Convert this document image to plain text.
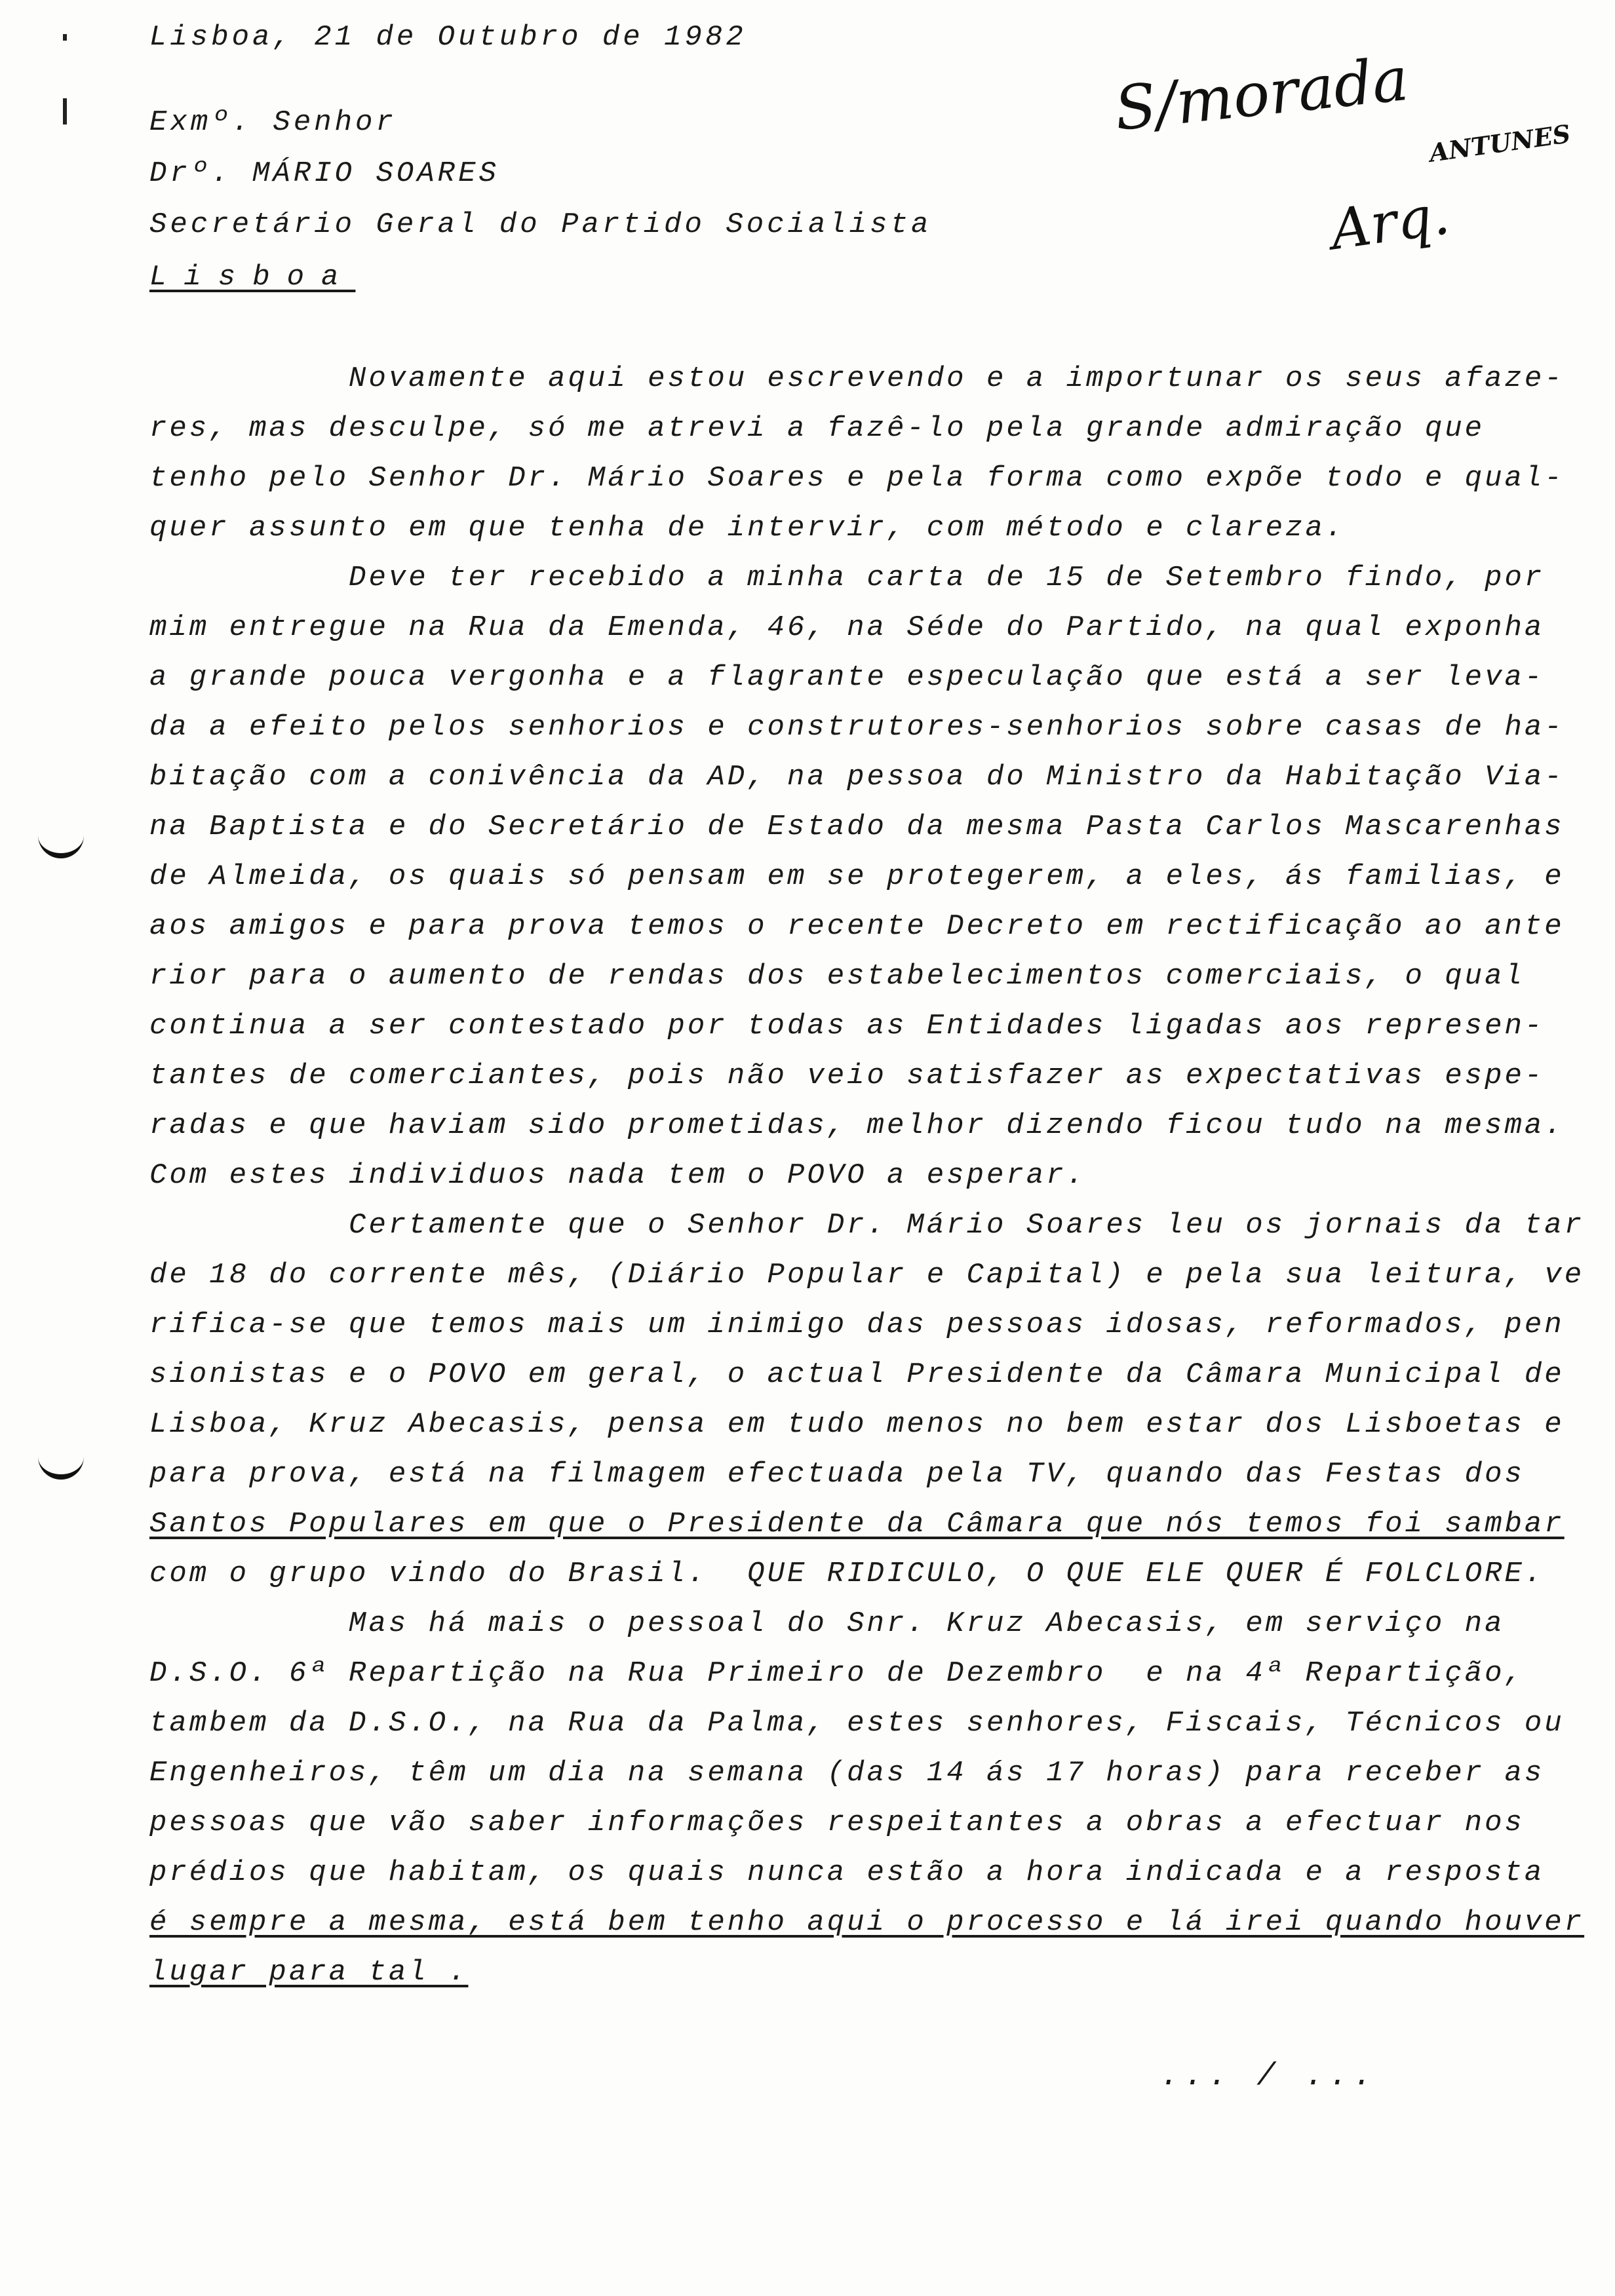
Lisboa, 21 de Outubro de 1982
Exmº. Senhor
Drº. MÁRIO SOARES
Secretário Geral do Partido Socialista
Lisboa
S/morada ANTUNES
Arq.
Novamente aqui estou escrevendo e a importunar os seus afaze-
res, mas desculpe, só me atrevi a fazê-lo pela grande admiração que
tenho pelo Senhor Dr. Mário Soares e pela forma como expõe todo e qual-
quer assunto em que tenha de intervir, com método e clareza.
Deve ter recebido a minha carta de 15 de Setembro findo, por
mim entregue na Rua da Emenda, 46, na Séde do Partido, na qual exponha
a grande pouca vergonha e a flagrante especulação que está a ser leva-
da a efeito pelos senhorios e construtores-senhorios sobre casas de ha-
bitação com a conivência da AD, na pessoa do Ministro da Habitação Via-
na Baptista e do Secretário de Estado da mesma Pasta Carlos Mascarenhas
de Almeida, os quais só pensam em se protegerem, a eles, ás familias, e
aos amigos e para prova temos o recente Decreto em rectificação ao ante
rior para o aumento de rendas dos estabelecimentos comerciais, o qual
continua a ser contestado por todas as Entidades ligadas aos represen-
tantes de comerciantes, pois não veio satisfazer as expectativas espe-
radas e que haviam sido prometidas, melhor dizendo ficou tudo na mesma.
Com estes individuos nada tem o POVO a esperar.
Certamente que o Senhor Dr. Mário Soares leu os jornais da tar
de 18 do corrente mês, (Diário Popular e Capital) e pela sua leitura, ve
rifica-se que temos mais um inimigo das pessoas idosas, reformados, pen
sionistas e o POVO em geral, o actual Presidente da Câmara Municipal de
Lisboa, Kruz Abecasis, pensa em tudo menos no bem estar dos Lisboetas e
para prova, está na filmagem efectuada pela TV, quando das Festas dos
Santos Populares em que o Presidente da Câmara que nós temos foi sambar
com o grupo vindo do Brasil.  QUE RIDICULO, O QUE ELE QUER É FOLCLORE.
Mas há mais o pessoal do Snr. Kruz Abecasis, em serviço na
D.S.O. 6ª Repartição na Rua Primeiro de Dezembro  e na 4ª Repartição,
tambem da D.S.O., na Rua da Palma, estes senhores, Fiscais, Técnicos ou
Engenheiros, têm um dia na semana (das 14 ás 17 horas) para receber as
pessoas que vão saber informações respeitantes a obras a efectuar nos
prédios que habitam, os quais nunca estão a hora indicada e a resposta
é sempre a mesma, está bem tenho aqui o processo e lá irei quando houver
lugar para tal .
... / ...
